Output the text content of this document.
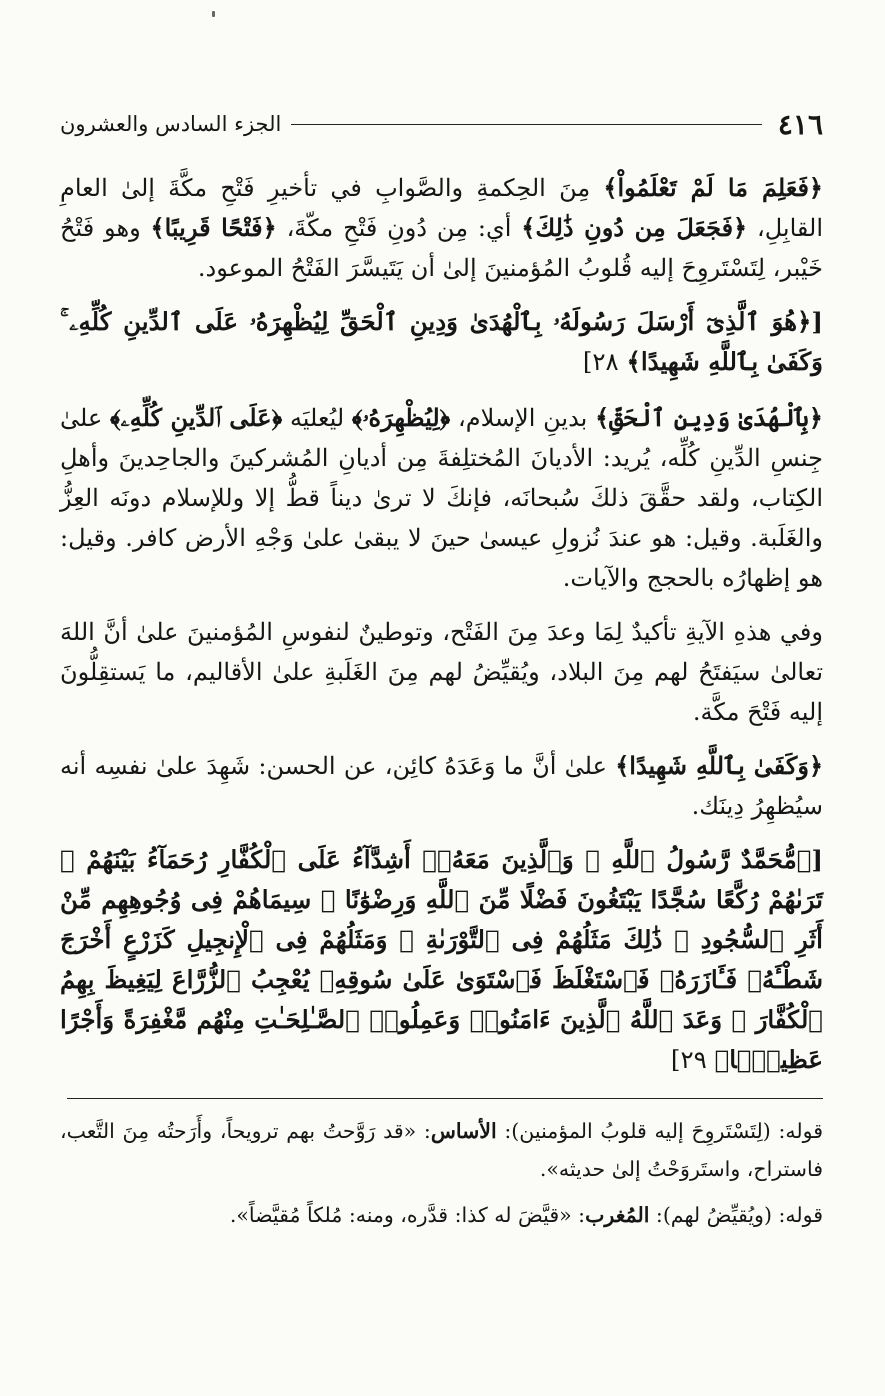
٤١٦
الجزء السادس والعشرون

﴿فَعَلِمَ مَا لَمْ تَعْلَمُواْ﴾ مِنَ الحِكمةِ والصَّوابِ في تأخيرِ فَتْحِ مكَّةَ إلىٰ العامِ القابِلِ، ﴿فَجَعَلَ مِن دُونِ ذَٰلِكَ﴾ أي: مِن دُونِ فَتْحِ مكّةَ، ﴿فَتْحًا قَرِيبًا﴾ وهو فَتْحُ خَيْبر، لِتَسْتَروِحَ إليه قُلوبُ المُؤمنينَ إلىٰ أن يَتَيسَّرَ الفَتْحُ الموعود.

[﴿هُوَ ٱلَّذِىٓ أَرْسَلَ رَسُولَهُۥ بِٱلْهُدَىٰ وَدِينِ ٱلْحَقِّ لِيُظْهِرَهُۥ عَلَى ٱلدِّينِ كُلِّهِۦ ۚ وَكَفَىٰ بِٱللَّهِ شَهِيدًا﴾ ٢٨]

﴿بِٱلْهُدَىٰ وَدِينِ ٱلْحَقِّ﴾ بدينِ الإسلام، ﴿لِيُظْهِرَهُۥ﴾ ليُعليَه ﴿عَلَى ٱلدِّينِ كُلِّهِۦ﴾ علىٰ جِنسِ الدِّينِ كُلِّه، يُريد: الأديانَ المُختلِفةَ مِن أديانِ المُشركينَ والجاحِدينَ وأهلِ الكِتاب، ولقد حقَّقَ ذلكَ سُبحانَه، فإنكَ لا ترىٰ ديناً قطُّ إلا وللإسلام دونَه العِزُّ والغَلَبة. وقيل: هو عندَ نُزولِ عيسىٰ حينَ لا يبقىٰ علىٰ وَجْهِ الأرض كافر. وقيل: هو إظهارُه بالحجج والآيات.

وفي هذهِ الآيةِ تأكيدٌ لِمَا وعدَ مِنَ الفَتْح، وتوطينٌ لنفوسِ المُؤمنينَ علىٰ أنَّ اللهَ تعالىٰ سيَفتَحُ لهم مِنَ البلاد، ويُقيِّضُ لهم مِنَ الغَلَبةِ علىٰ الأقاليم، ما يَستقِلُّونَ إليه فَتْحَ مكَّة.

﴿وَكَفَىٰ بِٱللَّهِ شَهِيدًا﴾ علىٰ أنَّ ما وَعَدَهُ كائِن، عن الحسن: شَهِدَ علىٰ نفسِه أنه سيُظهِرُ دِينَك.

[﴿مُّحَمَّدٌ رَّسُولُ ٱللَّهِ ۚ وَٱلَّذِينَ مَعَهُۥٓ أَشِدَّآءُ عَلَى ٱلْكُفَّارِ رُحَمَآءُ بَيْنَهُمْ ۖ تَرَىٰهُمْ رُكَّعًا سُجَّدًا يَبْتَغُونَ فَضْلًا مِّنَ ٱللَّهِ وَرِضْوَٰنًا ۖ سِيمَاهُمْ فِى وُجُوهِهِم مِّنْ أَثَرِ ٱلسُّجُودِ ۚ ذَٰلِكَ مَثَلُهُمْ فِى ٱلتَّوْرَىٰةِ ۚ وَمَثَلُهُمْ فِى ٱلْإِنجِيلِ كَزَرْعٍ أَخْرَجَ شَطْـَٔهُۥ فَـَٔازَرَهُۥ فَٱسْتَغْلَظَ فَٱسْتَوَىٰ عَلَىٰ سُوقِهِۦ يُعْجِبُ ٱلزُّرَّاعَ لِيَغِيظَ بِهِمُ ٱلْكُفَّارَ ۗ وَعَدَ ٱللَّهُ ٱلَّذِينَ ءَامَنُوا۟ وَعَمِلُوا۟ ٱلصَّـٰلِحَـٰتِ مِنْهُم مَّغْفِرَةً وَأَجْرًا عَظِيمًۢا﴾ ٢٩]

قوله: (لِتَسْتَروِحَ إليه قلوبُ المؤمنين): الأساس: «قد رَوَّحتُ بهم ترويحاً، وأَرَحتُه مِنَ التَّعب، فاستراح، واستَروَحْتُ إلىٰ حديثه».

قوله: (ويُقيِّضُ لهم): المُغرب: «قيَّضَ له كذا: قدَّره، ومنه: مُلكاً مُقيَّضاً».
